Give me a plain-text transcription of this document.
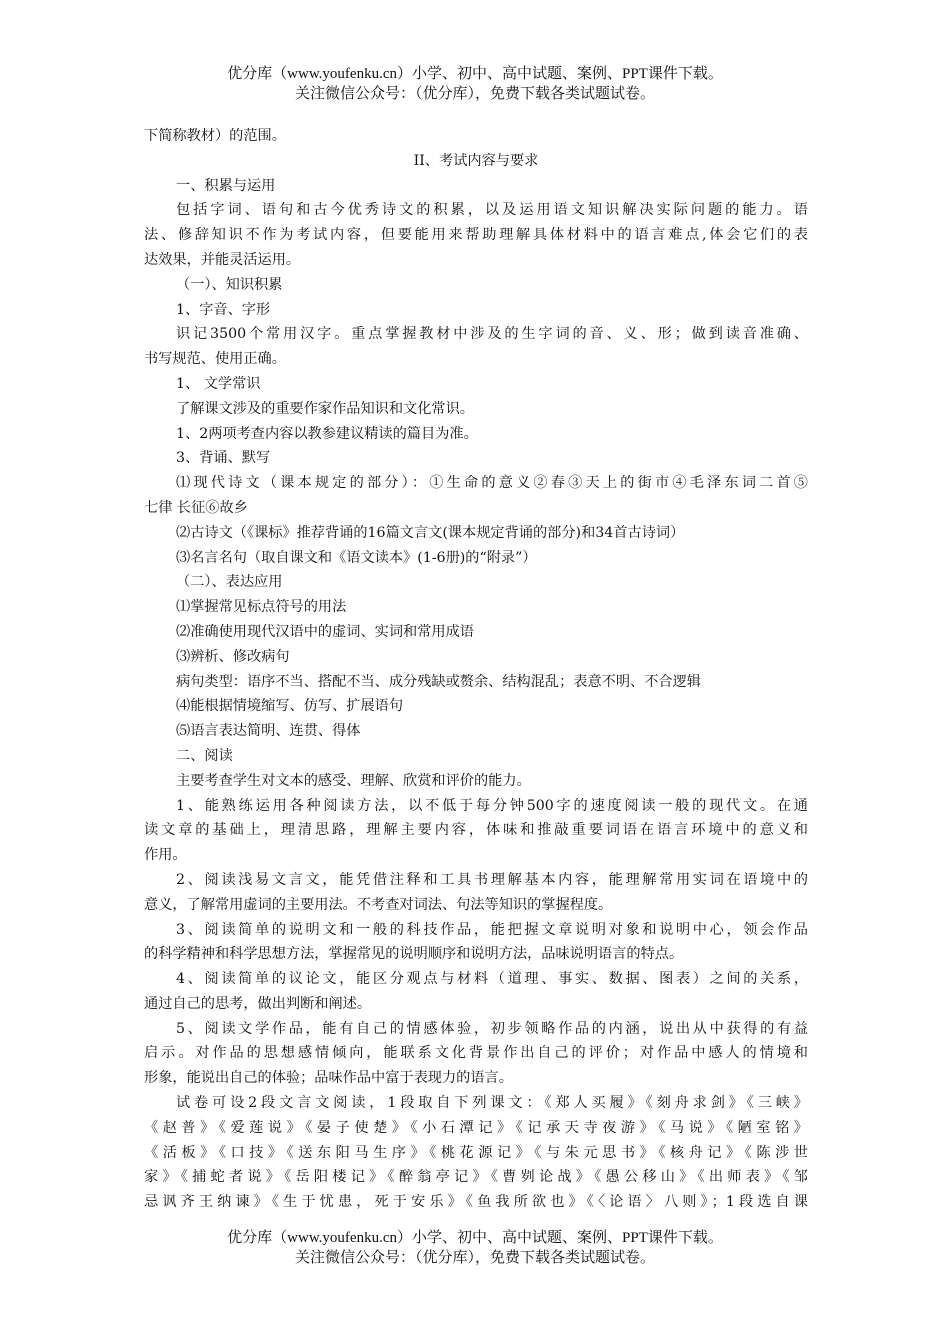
优分库（www.youfenku.cn）小学、初中、高中试题、案例、PPT课件下载。
关注微信公众号：（优分库），免费下载各类试题试卷。
下简称教材）的范围。
II、考试内容与要求
一、积累与运用
包括字词、语句和古今优秀诗文的积累，以及运用语文知识解决实际问题的能力。语
法、修辞知识不作为考试内容，但要能用来帮助理解具体材料中的语言难点,体会它们的表
达效果，并能灵活运用。
（一）、知识积累
1、字音、字形
识记3500个常用汉字。重点掌握教材中涉及的生字词的音、义、形；做到读音准确、
书写规范、使用正确。
1、 文学常识
了解课文涉及的重要作家作品知识和文化常识。
1、2两项考查内容以教参建议精读的篇目为准。
3、背诵、默写
⑴现代诗文（课本规定的部分）：①生命的意义②春③天上的街市④毛泽东词二首⑤
七律 长征⑥故乡
⑵古诗文（《课标》推荐背诵的16篇文言文(课本规定背诵的部分)和34首古诗词）
⑶名言名句（取自课文和《语文读本》(1-6册)的“附录”）
（二）、表达应用
⑴掌握常见标点符号的用法
⑵准确使用现代汉语中的虚词、实词和常用成语
⑶辨析、修改病句
病句类型：语序不当、搭配不当、成分残缺或赘余、结构混乱；表意不明、不合逻辑
⑷能根据情境缩写、仿写、扩展语句
⑸语言表达简明、连贯、得体
二、阅读
主要考查学生对文本的感受、理解、欣赏和评价的能力。
1、能熟练运用各种阅读方法，以不低于每分钟500字的速度阅读一般的现代文。在通
读文章的基础上，理清思路，理解主要内容，体味和推敲重要词语在语言环境中的意义和
作用。
2、阅读浅易文言文，能凭借注释和工具书理解基本内容，能理解常用实词在语境中的
意义，了解常用虚词的主要用法。不考查对词法、句法等知识的掌握程度。
3、阅读简单的说明文和一般的科技作品，能把握文章说明对象和说明中心，领会作品
的科学精神和科学思想方法，掌握常见的说明顺序和说明方法，品味说明语言的特点。
4、阅读简单的议论文，能区分观点与材料（道理、事实、数据、图表）之间的关系，
通过自己的思考，做出判断和阐述。
5、阅读文学作品，能有自己的情感体验，初步领略作品的内涵，说出从中获得的有益
启示。对作品的思想感情倾向，能联系文化背景作出自己的评价；对作品中感人的情境和
形象，能说出自己的体验；品味作品中富于表现力的语言。
试卷可设2段文言文阅读，1段取自下列课文：《郑人买履》《刻舟求剑》《三峡》
《赵普》《爱莲说》《晏子使楚》《小石潭记》《记承天寺夜游》《马说》《陋室铭》
《活板》《口技》《送东阳马生序》《桃花源记》《与朱元思书》《核舟记》《陈涉世
家》《捕蛇者说》《岳阳楼记》《醉翁亭记》《曹刿论战》《愚公移山》《出师表》《邹
忌讽齐王纳谏》《生于忧患，死于安乐》《鱼我所欲也》《〈论语〉八则》；1段选自课
优分库（www.youfenku.cn）小学、初中、高中试题、案例、PPT课件下载。
关注微信公众号：（优分库），免费下载各类试题试卷。
